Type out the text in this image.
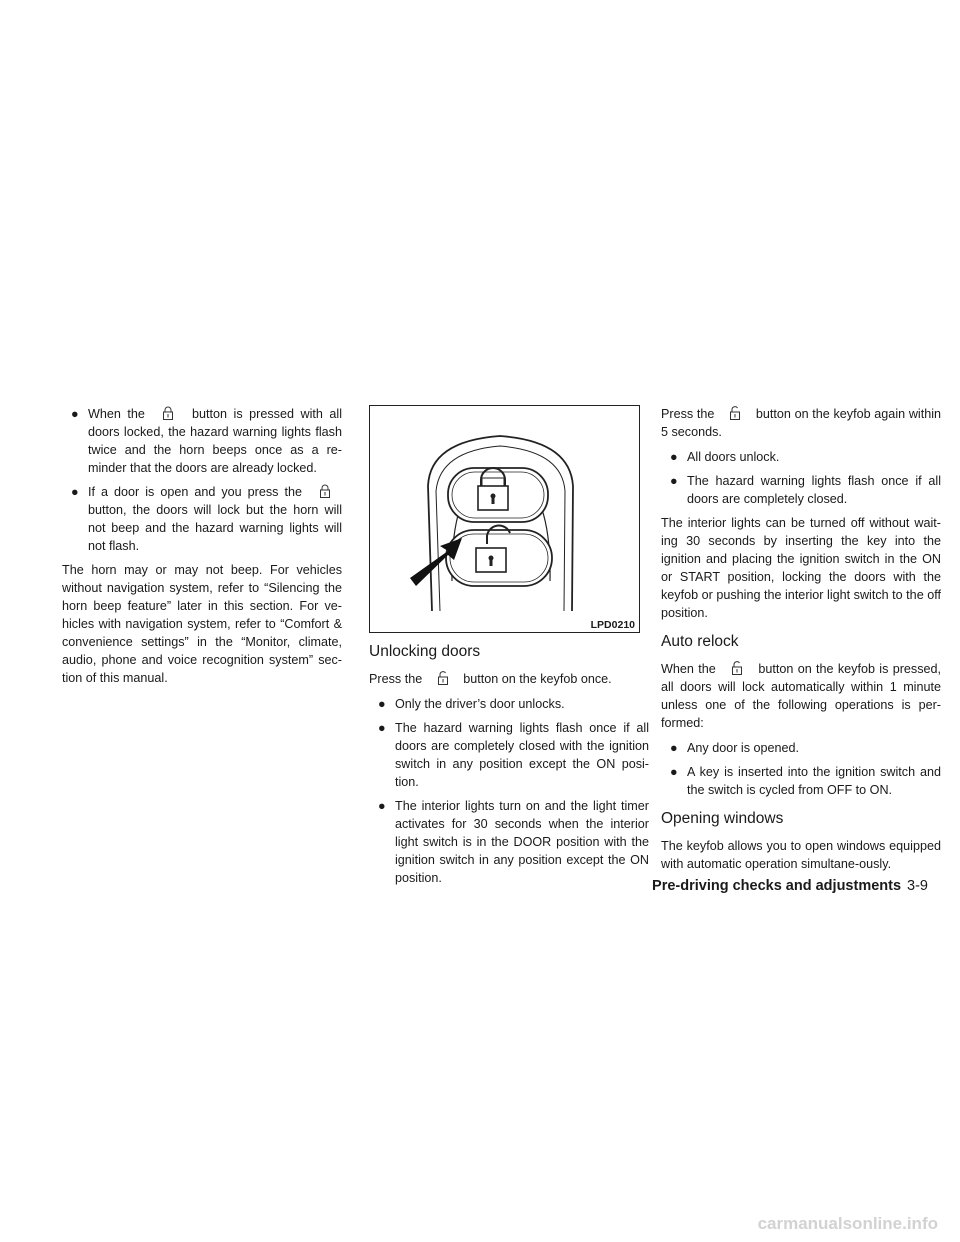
● When the	button is pressed with all doors locked, the hazard warning lights flash twice and the horn beeps once as a re-minder that the doors are already locked.
● If a door is open and you press the  button, the doors will lock but the horn will not beep and the hazard warning lights will not flash.

The horn may or may not beep. For vehicles without navigation system, refer to “Silencing the horn beep feature” later in this section. For ve-hicles with navigation system, refer to “Comfort & convenience settings” in the “Monitor, climate, audio, phone and voice recognition system” sec-tion of this manual.

LPD0210
Unlocking doors

Press the	button on the keyfob once.

● Only the driver’s door unlocks.
● The hazard warning lights flash once if all doors are completely closed with the ignition switch in any position except the ON posi-tion.
● The interior lights turn on and the light timer activates for 30 seconds when the interior light switch is in the DOOR position with the ignition switch in any position except the ON position.

Press the	button on the keyfob again within 5 seconds.

● All doors unlock.
● The hazard warning lights flash once if all doors are completely closed.

The interior lights can be turned off without wait-ing 30 seconds by inserting the key into the ignition and placing the ignition switch in the ON or START position, locking the doors with the keyfob or pushing the interior light switch to the off position.

Auto relock

When the	button on the keyfob is pressed, all doors will lock automatically within 1 minute unless one of the following operations is per-formed:

● Any door is opened.
● A key is inserted into the ignition switch and the switch is cycled from OFF to ON.
Opening windows

The keyfob allows you to open windows equipped with automatic operation simultane-ously.

Pre-driving checks and adjustments 3-9
carmanualsonline.info
